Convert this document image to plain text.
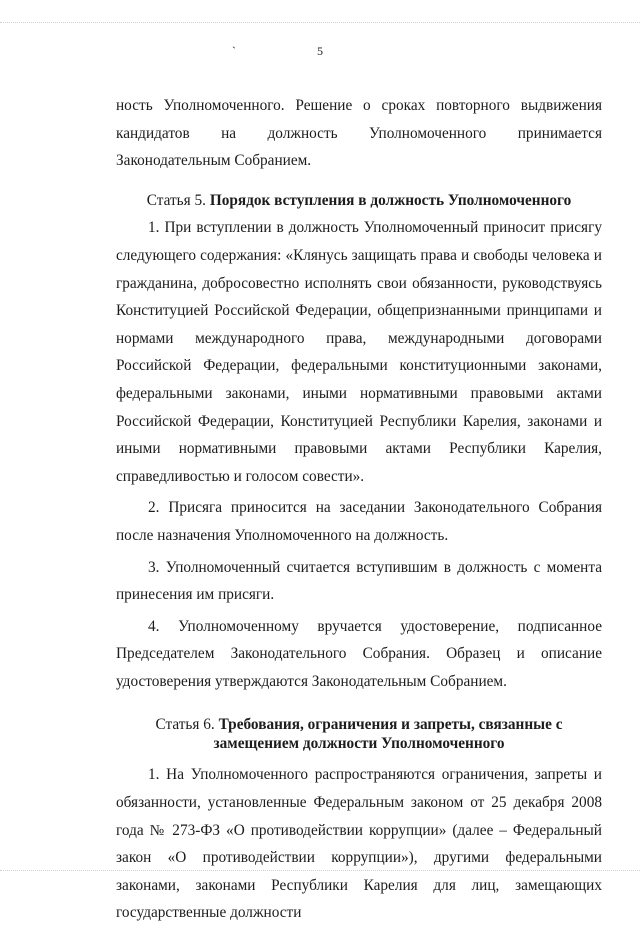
`	5

ность Уполномоченного. Решение о сроках повторного выдвижения кандидатов на должность Уполномоченного принимается Законодательным Собранием.

Статья 5. Порядок вступления в должность Уполномоченного

1. При вступлении в должность Уполномоченный приносит присягу следующего содержания: «Клянусь защищать права и свободы человека и гражданина, добросовестно исполнять свои обязанности, руководствуясь Конституцией Российской Федерации, общепризнанными принципами и нормами международного права, международными договорами Российской Федерации, федеральными конституционными законами, федеральными законами, иными нормативными правовыми актами Российской Федерации, Конституцией Республики Карелия, законами и иными нормативными правовыми актами Республики Карелия, справедливостью и голосом совести».

2. Присяга приносится на заседании Законодательного Собрания после назначения Уполномоченного на должность.

3. Уполномоченный считается вступившим в должность с момента принесения им присяги.

4. Уполномоченному вручается удостоверение, подписанное Председателем Законодательного Собрания. Образец и описание удостоверения утверждаются Законодательным Собранием.

Статья 6. Требования, ограничения и запреты, связанные с
замещением должности Уполномоченного

1. На Уполномоченного распространяются ограничения, запреты и обязанности, установленные Федеральным законом от 25 декабря 2008 года № 273-ФЗ «О противодействии коррупции» (далее – Федеральный закон «О противодействии коррупции»), другими федеральными законами, законами Республики Карелия для лиц, замещающих государственные должности
